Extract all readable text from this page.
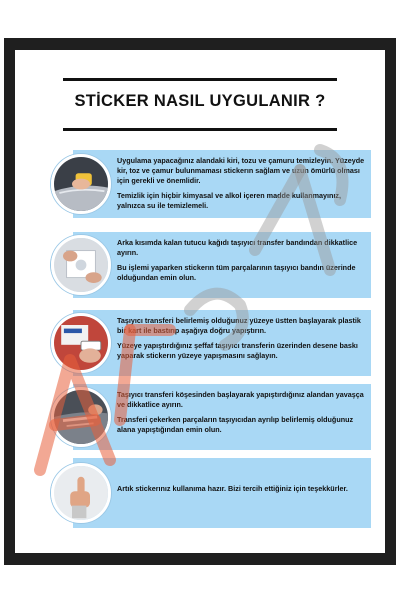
STİCKER NASIL UYGULANIR ?

Uygulama yapacağınız alandaki kiri, tozu ve çamuru temizleyin. Yüzeyde kir, toz ve çamur bulunmaması stickerın sağlam ve uzun ömürlü olması için gerekli ve önemlidir.

Temizlik için hiçbir kimyasal ve alkol içeren madde kullanmayınız, yalnızca su ile temizlemeli.

Arka kısımda kalan tutucu kağıdı taşıyıcı transfer bandından dikkatlice ayırın.

Bu işlemi yaparken stickerın tüm parçalarının taşıyıcı bandın üzerinde olduğundan emin olun.

Taşıyıcı transferi belirlemiş olduğunuz yüzeye üstten başlayarak plastik bir kart ile bastırıp aşağıya doğru yapıştırın.

Yüzeye yapıştırdığınız şeffaf taşıyıcı transferin üzerinden desene baskı yaparak stickerın yüzeye yapışmasını sağlayın.

Taşıyıcı transferi köşesinden başlayarak yapıştırdığınız alandan yavaşça ve dikkatlice ayırın.

Transferi çekerken parçaların taşıyıcıdan ayrılıp belirlemiş olduğunuz alana yapıştığından emin olun.

Artık stickerınız kullanıma hazır. Bizi tercih ettiğiniz için teşekkürler.
